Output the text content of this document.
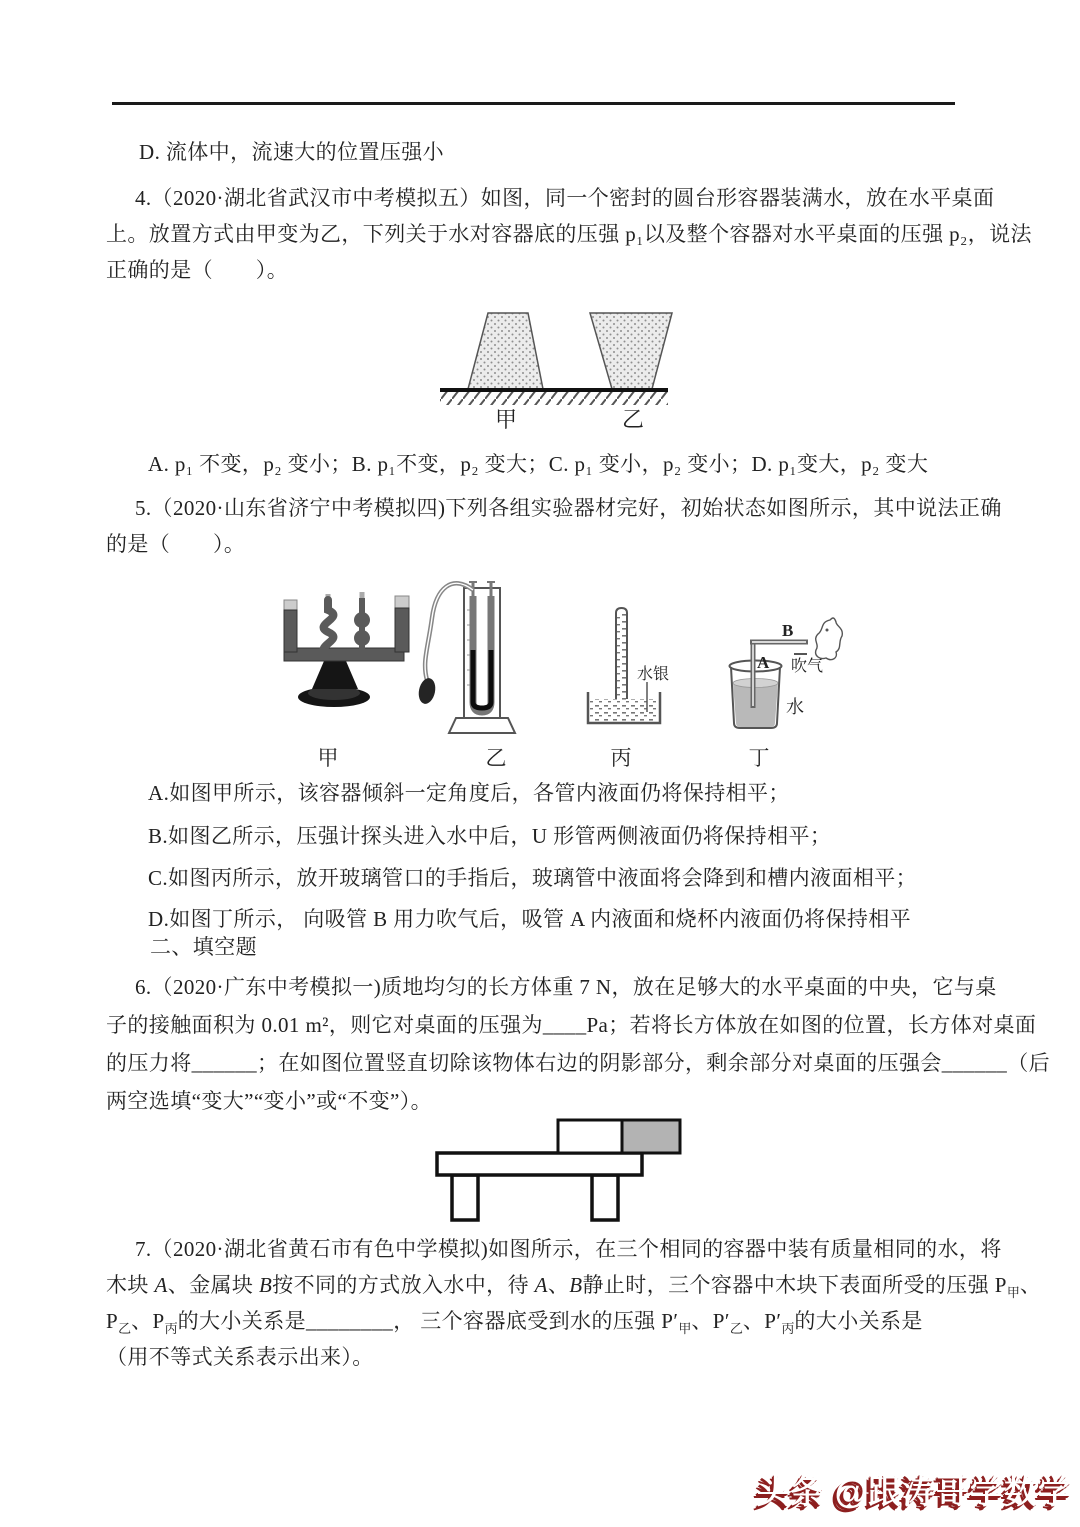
D. 流体中，流速大的位置压强小
4.（2020·湖北省武汉市中考模拟五）如图，同一个密封的圆台形容器装满水，放在水平桌面
上。放置方式由甲变为乙，下列关于水对容器底的压强 p₁以及整个容器对水平桌面的压强 p₂，说法
正确的是（　　）。
甲	乙
A. p₁ 不变，p₂ 变小；B. p₁不变，p₂ 变大；C. p₁ 变小，p₂ 变小；D. p₁变大，p₂ 变大
5.（2020·山东省济宁中考模拟四)下列各组实验器材完好，初始状态如图所示，其中说法正确
的是（　　）。
水银
B
A 吹气
水
甲	乙	丙	丁
A.如图甲所示，该容器倾斜一定角度后，各管内液面仍将保持相平；
B.如图乙所示，压强计探头进入水中后，U 形管两侧液面仍将保持相平；
C.如图丙所示，放开玻璃管口的手指后，玻璃管中液面将会降到和槽内液面相平；
D.如图丁所示， 向吸管 B 用力吹气后，吸管 A 内液面和烧杯内液面仍将保持相平
二、填空题
6.（2020·广东中考模拟一)质地均匀的长方体重 7 N，放在足够大的水平桌面的中央，它与桌
子的接触面积为 0.01 m²，则它对桌面的压强为____Pa；若将长方体放在如图的位置，长方体对桌面
的压力将______；在如图位置竖直切除该物体右边的阴影部分，剩余部分对桌面的压强会______（后
两空选填“变大”“变小”或“不变”）。
7.（2020·湖北省黄石市有色中学模拟)如图所示，在三个相同的容器中装有质量相同的水，将
木块 A、金属块 B按不同的方式放入水中，待 A、B静止时，三个容器中木块下表面所受的压强 $P_甲$、
$P_乙$、$P_丙$的大小关系是________， 三个容器底受到水的压强 $P'_甲$、$P'_乙$、$P'_丙$的大小关系是
（用不等式关系表示出来）。
头条 @跟涛哥学数学
